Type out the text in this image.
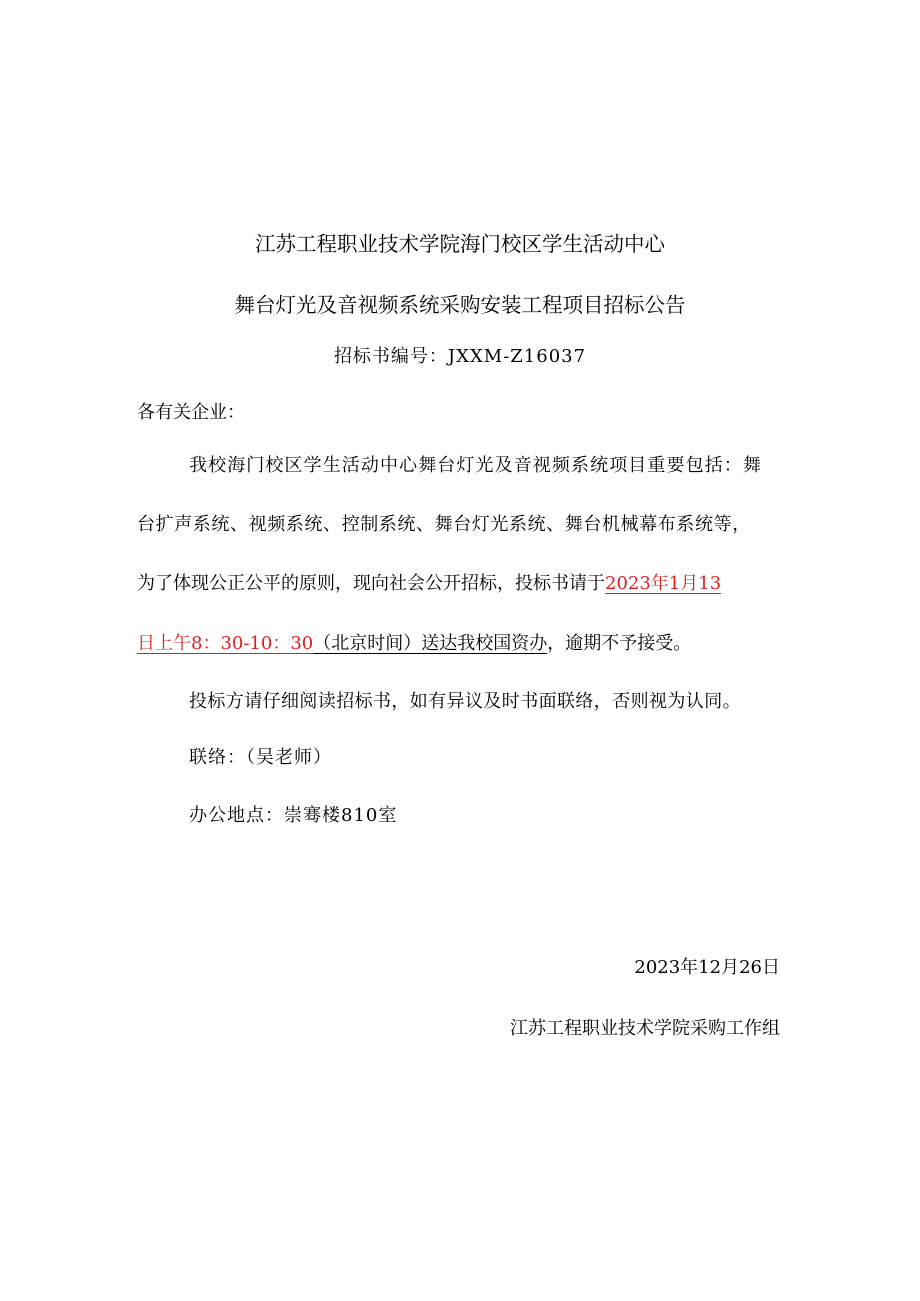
江苏工程职业技术学院海门校区学生活动中心
舞台灯光及音视频系统采购安装工程项目招标公告

招标书编号：JXXM-Z16037

各有关企业：

我校海门校区学生活动中心舞台灯光及音视频系统项目重要包括：舞

台扩声系统、视频系统、控制系统、舞台灯光系统、舞台机械幕布系统等，

为了体现公正公平的原则，现向社会公开招标，投标书请于2023年1月13

日上午8：30-10：30（北京时间）送达我校国资办，逾期不予接受。

投标方请仔细阅读招标书，如有异议及时书面联络，否则视为认同。

联络：（吴老师）

办公地点：崇骞楼810室

2023年12月26日

江苏工程职业技术学院采购工作组
